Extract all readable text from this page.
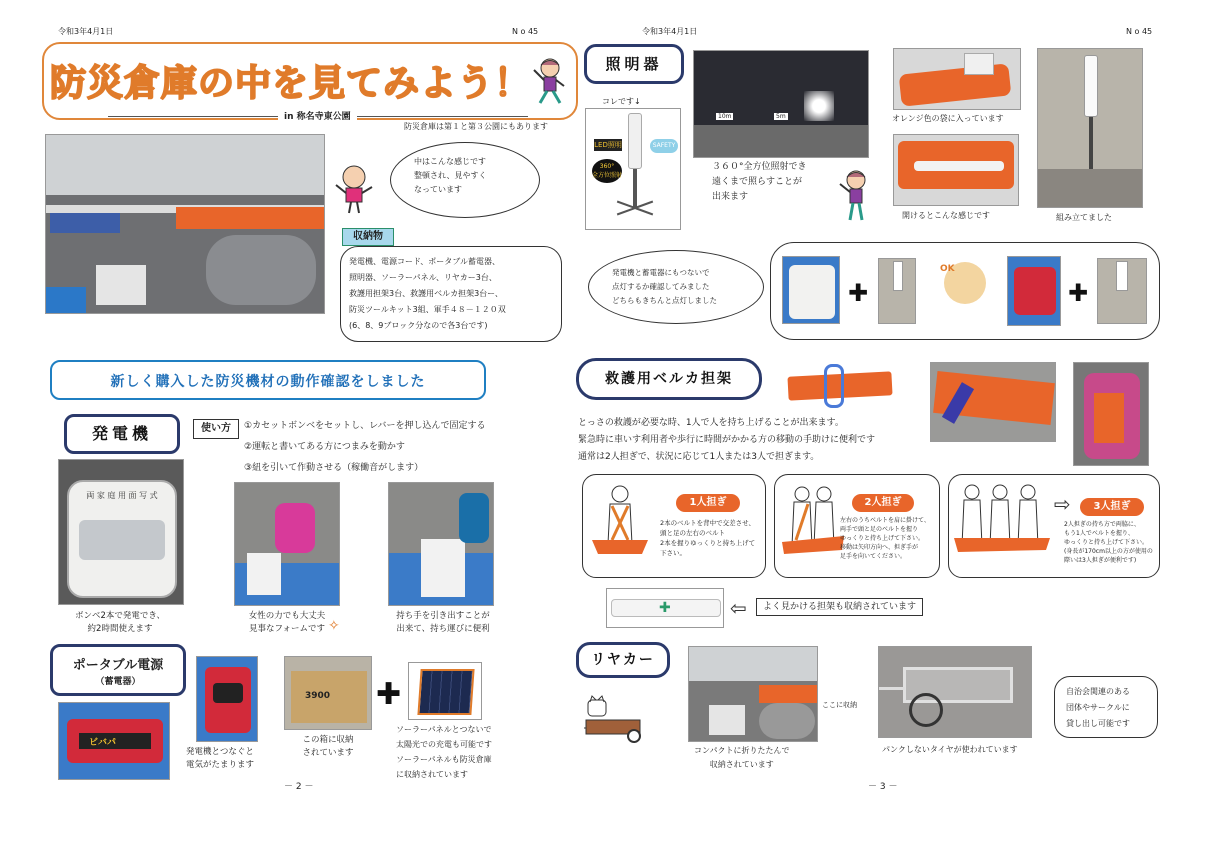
令和3年4月1日	N o 45
防災倉庫の中を見てみよう！
in 称名寺東公園
防災倉庫は第１と第３公園にもあります
中はこんな感じです
整頓され、見やすく
なっています
収納物
発電機、電源コード、ポータブル蓄電器、
照明器、ソーラーパネル、リヤカー3台、
救護用担架3台、救護用ベルカ担架3台ー、
防災ツールキット3組、軍手４８－１２０双
(6、8、9ブロック分なので各3台です)
新しく購入した防災機材の動作確認をしました
発電機	使い方	①カセットボンベをセットし、レバーを押し込んで固定する
②運転と書いてある方につまみを動かす
③紐を引いて作動させる（稼働音がします）
両 家 庭 用 面 写 式
ボンベ2本で発電でき、
約2時間使えます
女性の力でも大丈夫
見事なフォームです ✧
持ち手を引き出すことが
出来て、持ち運びに便利
ポータブル電源
（蓄電器）
ビバパ
発電機とつなぐと
電気がたまります
3900
この箱に収納
されています
✚
ソーラーパネルとつないで
太陽光での充電も可能です
ソーラーパネルも防災倉庫
に収納されています
－ 2 －
令和3年4月1日	N o 45
照明器
コレです↓
LED照明
360°
全方位照射
SAFETY
10m	5m
３６０°全方位照射でき
遠くまで照らすことが
出来ます
オレンジ色の袋に入っています
開けるとこんな感じです	組み立てました
発電機と蓄電器にもつないで
点灯するか確認してみました
どちらもきちんと点灯しました	✚
OK
✚
救護用ベルカ担架
とっさの救護が必要な時、1人で人を持ち上げることが出来ます。
緊急時に車いす利用者や歩行に時間がかかる方の移動の手助けに便利です
通常は2人担ぎで、状況に応じて1人または3人で担ぎます。
1人担ぎ
2本のベルトを背中で交差させ、頭と足の左右のベルト
2本を握りゆっくりと持ち上げて下さい。
2人担ぎ
左右のうちベルトを肩に掛けて、
両手で頭と足のベルトを握り
ゆっくりと持ち上げて下さい。
移動は矢印方向へ、担ぎ手が
足手を向いてください。
⇨	3人担ぎ
2人担ぎの持ち方で両脇に、
もう1人でベルトを握り、
ゆっくりと持ち上げて下さい。
(身長が170cm以上の方が使用の
際いは3人担ぎが便利です)
✚	⇦	よく見かける担架も収納されています
リヤカー
ここに収納
コンパクトに折りたたんで
収納されています
パンクしないタイヤが使われています
自治会関連のある
団体やサークルに
貸し出し可能です
－ 3 －
